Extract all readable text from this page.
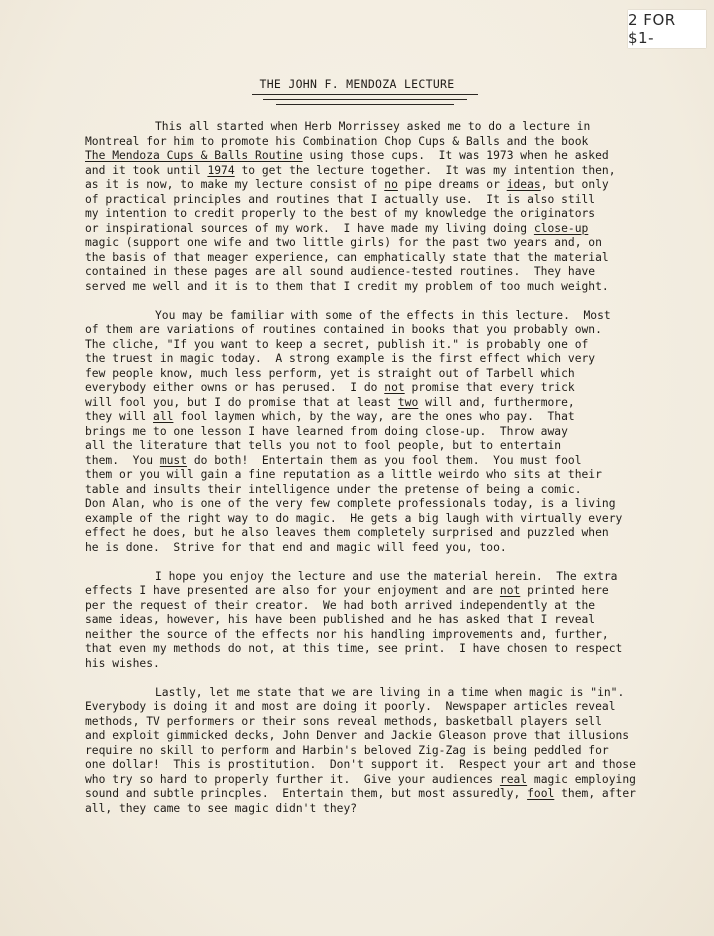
2 FOR $1-
THE JOHN F. MENDOZA LECTURE
This all started when Herb Morrissey asked me to do a lecture in
Montreal for him to promote his Combination Chop Cups & Balls and the book
The Mendoza Cups & Balls Routine using those cups.  It was 1973 when he asked
and it took until 1974 to get the lecture together.  It was my intention then,
as it is now, to make my lecture consist of no pipe dreams or ideas, but only
of practical principles and routines that I actually use.  It is also still
my intention to credit properly to the best of my knowledge the originators
or inspirational sources of my work.  I have made my living doing close-up
magic (support one wife and two little girls) for the past two years and, on
the basis of that meager experience, can emphatically state that the material
contained in these pages are all sound audience-tested routines.  They have
served me well and it is to them that I credit my problem of too much weight.
You may be familiar with some of the effects in this lecture.  Most
of them are variations of routines contained in books that you probably own.
The cliche, "If you want to keep a secret, publish it." is probably one of
the truest in magic today.  A strong example is the first effect which very
few people know, much less perform, yet is straight out of Tarbell which
everybody either owns or has perused.  I do not promise that every trick
will fool you, but I do promise that at least two will and, furthermore,
they will all fool laymen which, by the way, are the ones who pay.  That
brings me to one lesson I have learned from doing close-up.  Throw away
all the literature that tells you not to fool people, but to entertain
them.  You must do both!  Entertain them as you fool them.  You must fool
them or you will gain a fine reputation as a little weirdo who sits at their
table and insults their intelligence under the pretense of being a comic.
Don Alan, who is one of the very few complete professionals today, is a living
example of the right way to do magic.  He gets a big laugh with virtually every
effect he does, but he also leaves them completely surprised and puzzled when
he is done.  Strive for that end and magic will feed you, too.
I hope you enjoy the lecture and use the material herein.  The extra
effects I have presented are also for your enjoyment and are not printed here
per the request of their creator.  We had both arrived independently at the
same ideas, however, his have been published and he has asked that I reveal
neither the source of the effects nor his handling improvements and, further,
that even my methods do not, at this time, see print.  I have chosen to respect
his wishes.
Lastly, let me state that we are living in a time when magic is "in".
Everybody is doing it and most are doing it poorly.  Newspaper articles reveal
methods, TV performers or their sons reveal methods, basketball players sell
and exploit gimmicked decks, John Denver and Jackie Gleason prove that illusions
require no skill to perform and Harbin's beloved Zig-Zag is being peddled for
one dollar!  This is prostitution.  Don't support it.  Respect your art and those
who try so hard to properly further it.  Give your audiences real magic employing
sound and subtle princples.  Entertain them, but most assuredly, fool them, after
all, they came to see magic didn't they?
